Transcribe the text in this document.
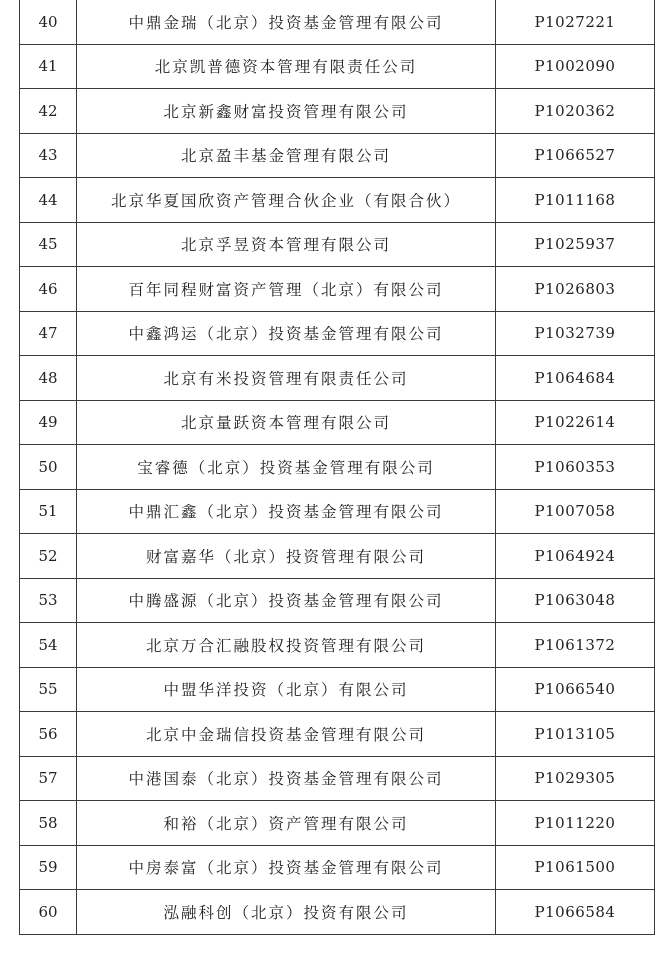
40	中鼎金瑞（北京）投资基金管理有限公司	P1027221
41	北京凯普德资本管理有限责任公司	P1002090
42	北京新鑫财富投资管理有限公司	P1020362
43	北京盈丰基金管理有限公司	P1066527
44	北京华夏国欣资产管理合伙企业（有限合伙）	P1011168
45	北京孚昱资本管理有限公司	P1025937
46	百年同程财富资产管理（北京）有限公司	P1026803
47	中鑫鸿运（北京）投资基金管理有限公司	P1032739
48	北京有米投资管理有限责任公司	P1064684
49	北京量跃资本管理有限公司	P1022614
50	宝睿德（北京）投资基金管理有限公司	P1060353
51	中鼎汇鑫（北京）投资基金管理有限公司	P1007058
52	财富嘉华（北京）投资管理有限公司	P1064924
53	中腾盛源（北京）投资基金管理有限公司	P1063048
54	北京万合汇融股权投资管理有限公司	P1061372
55	中盟华洋投资（北京）有限公司	P1066540
56	北京中金瑞信投资基金管理有限公司	P1013105
57	中港国泰（北京）投资基金管理有限公司	P1029305
58	和裕（北京）资产管理有限公司	P1011220
59	中房泰富（北京）投资基金管理有限公司	P1061500
60	泓融科创（北京）投资有限公司	P1066584
